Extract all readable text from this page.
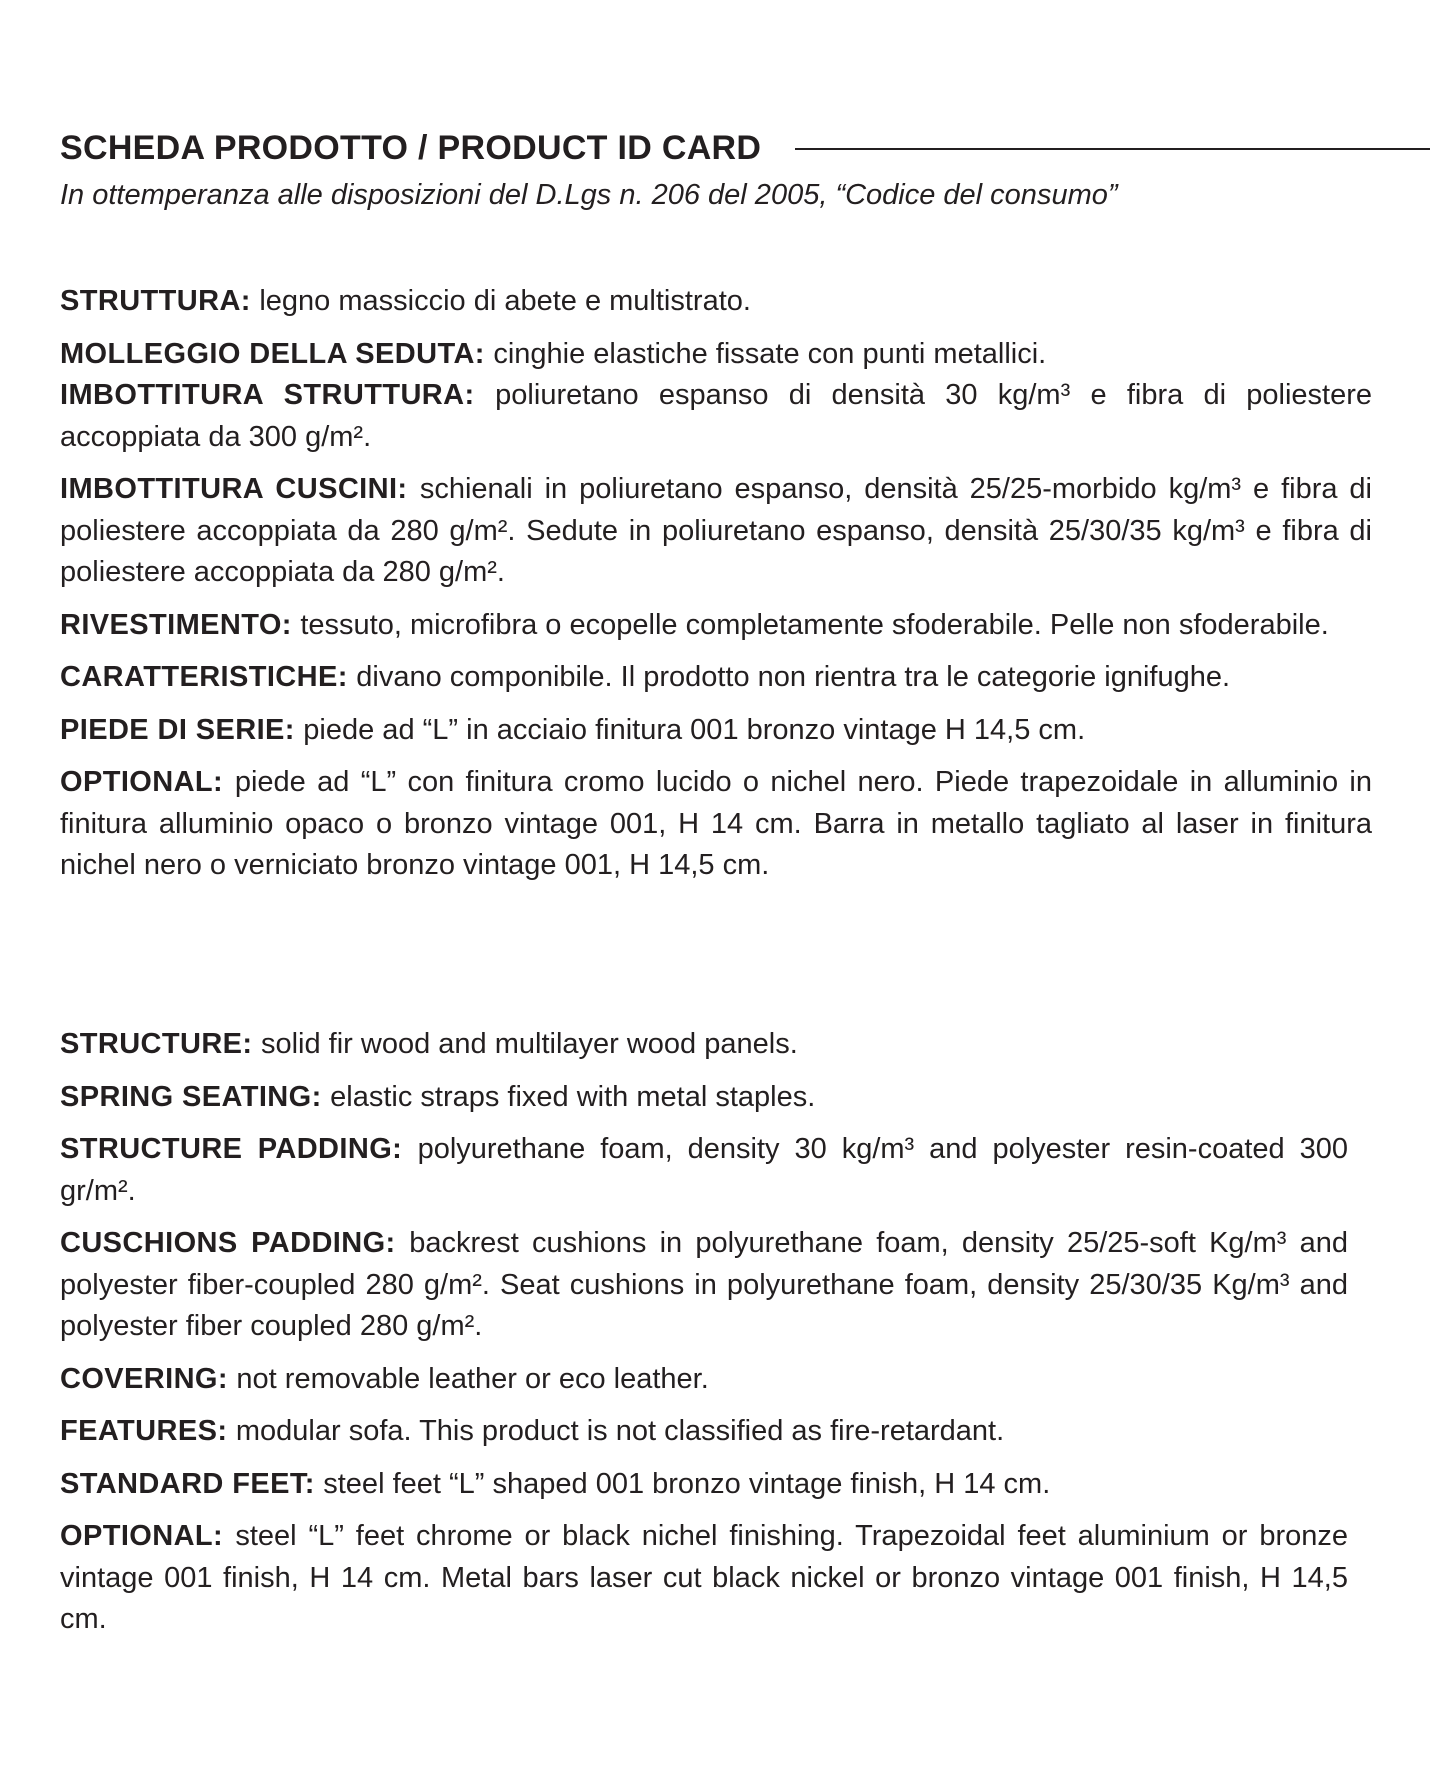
SCHEDA PRODOTTO / PRODUCT ID CARD
In ottemperanza alle disposizioni del D.Lgs n. 206 del 2005, “Codice del consumo”

STRUTTURA: legno massiccio di abete e multistrato.

MOLLEGGIO DELLA SEDUTA: cinghie elastiche fissate con punti metallici.

IMBOTTITURA STRUTTURA: poliuretano espanso di densità 30 kg/m³ e fibra di poliestere accoppiata da 300 g/m².

IMBOTTITURA CUSCINI: schienali in poliuretano espanso, densità 25/25-morbido kg/m³ e fibra di poliestere accoppiata da 280 g/m². Sedute in poliuretano espanso, densità 25/30/35 kg/m³ e fibra di poliestere accoppiata da 280 g/m².

RIVESTIMENTO: tessuto, microfibra o ecopelle completamente sfoderabile. Pelle non sfoderabile.

CARATTERISTICHE: divano componibile. Il prodotto non rientra tra le categorie ignifughe.

PIEDE DI SERIE: piede ad “L” in acciaio finitura 001 bronzo vintage H 14,5 cm.

OPTIONAL: piede ad “L” con finitura cromo lucido o nichel nero. Piede trapezoidale in alluminio in finitura alluminio opaco o bronzo vintage 001, H 14 cm. Barra in metallo tagliato al laser in finitura nichel nero o verniciato bronzo vintage 001, H 14,5 cm.

STRUCTURE: solid fir wood and multilayer wood panels.

SPRING SEATING: elastic straps fixed with metal staples.

STRUCTURE PADDING: polyurethane foam, density 30 kg/m³ and polyester resin-coated 300 gr/m².

CUSCHIONS PADDING: backrest cushions in polyurethane foam, density 25/25-soft Kg/m³ and polyester fiber-coupled 280 g/m². Seat cushions in polyurethane foam, density 25/30/35 Kg/m³ and polyester fiber coupled 280 g/m².

COVERING: not removable leather or eco leather.

FEATURES: modular sofa. This product is not classified as fire-retardant.

STANDARD FEET: steel feet “L” shaped 001 bronzo vintage finish, H 14 cm.

OPTIONAL: steel “L” feet chrome or black nichel finishing. Trapezoidal feet aluminium or bronze vintage 001 finish, H 14 cm. Metal bars laser cut black nickel or bronzo vintage 001 finish, H 14,5 cm.
